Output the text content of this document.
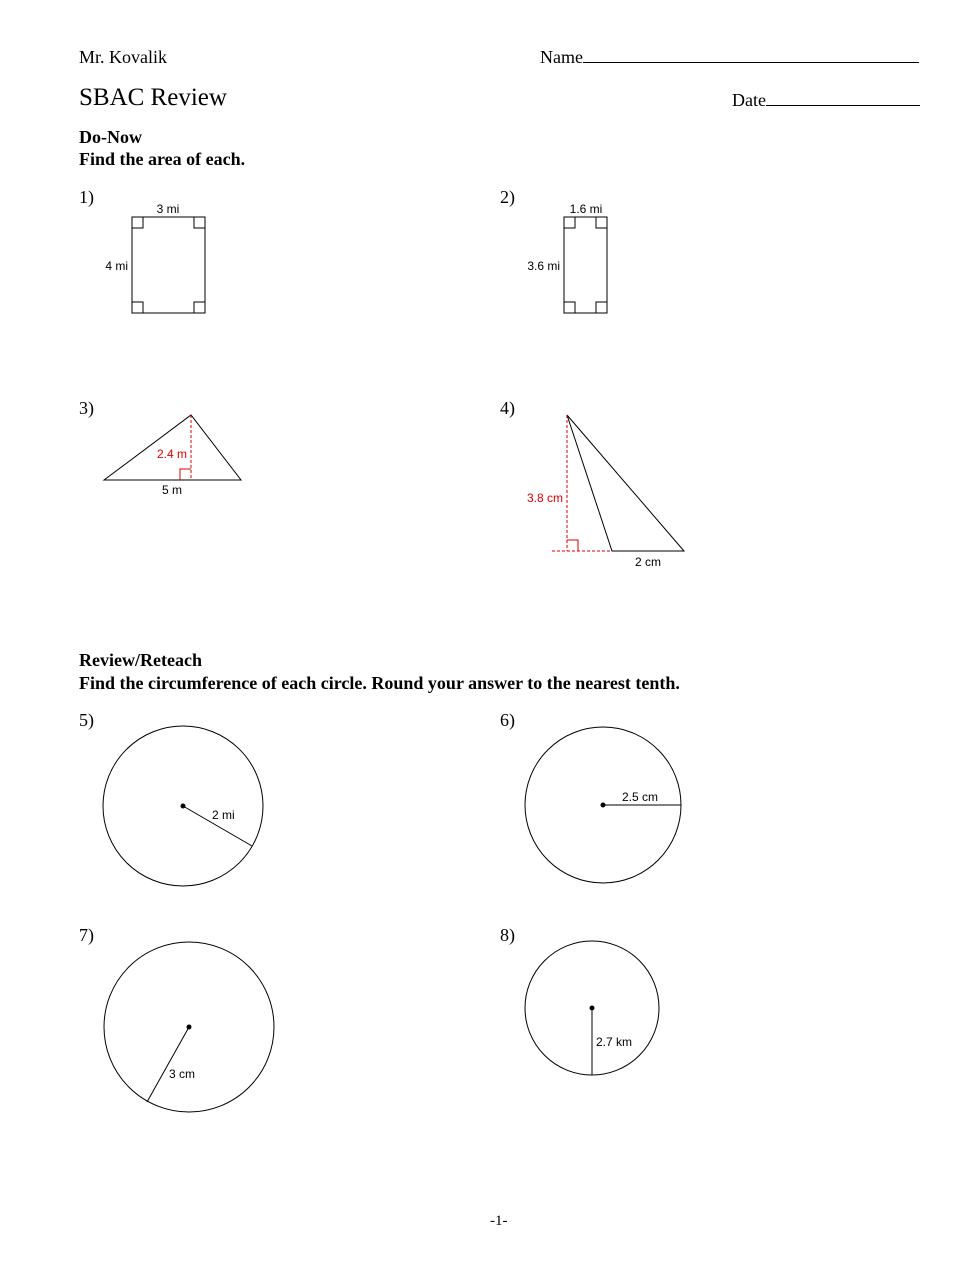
Mr. Kovalik	Name
SBAC Review	Date
Do-Now
Find the area of each.
1)	2)
3)	4)
3 mi
4 mi
1.6 mi
3.6 mi
2.4 m
5 m
3.8 cm
2 cm
2 mi
2.5 cm
3 cm
2.7 km
Review/Reteach
Find the circumference of each circle. Round your answer to the nearest tenth.
5)	6)
7)	8)
-1-
